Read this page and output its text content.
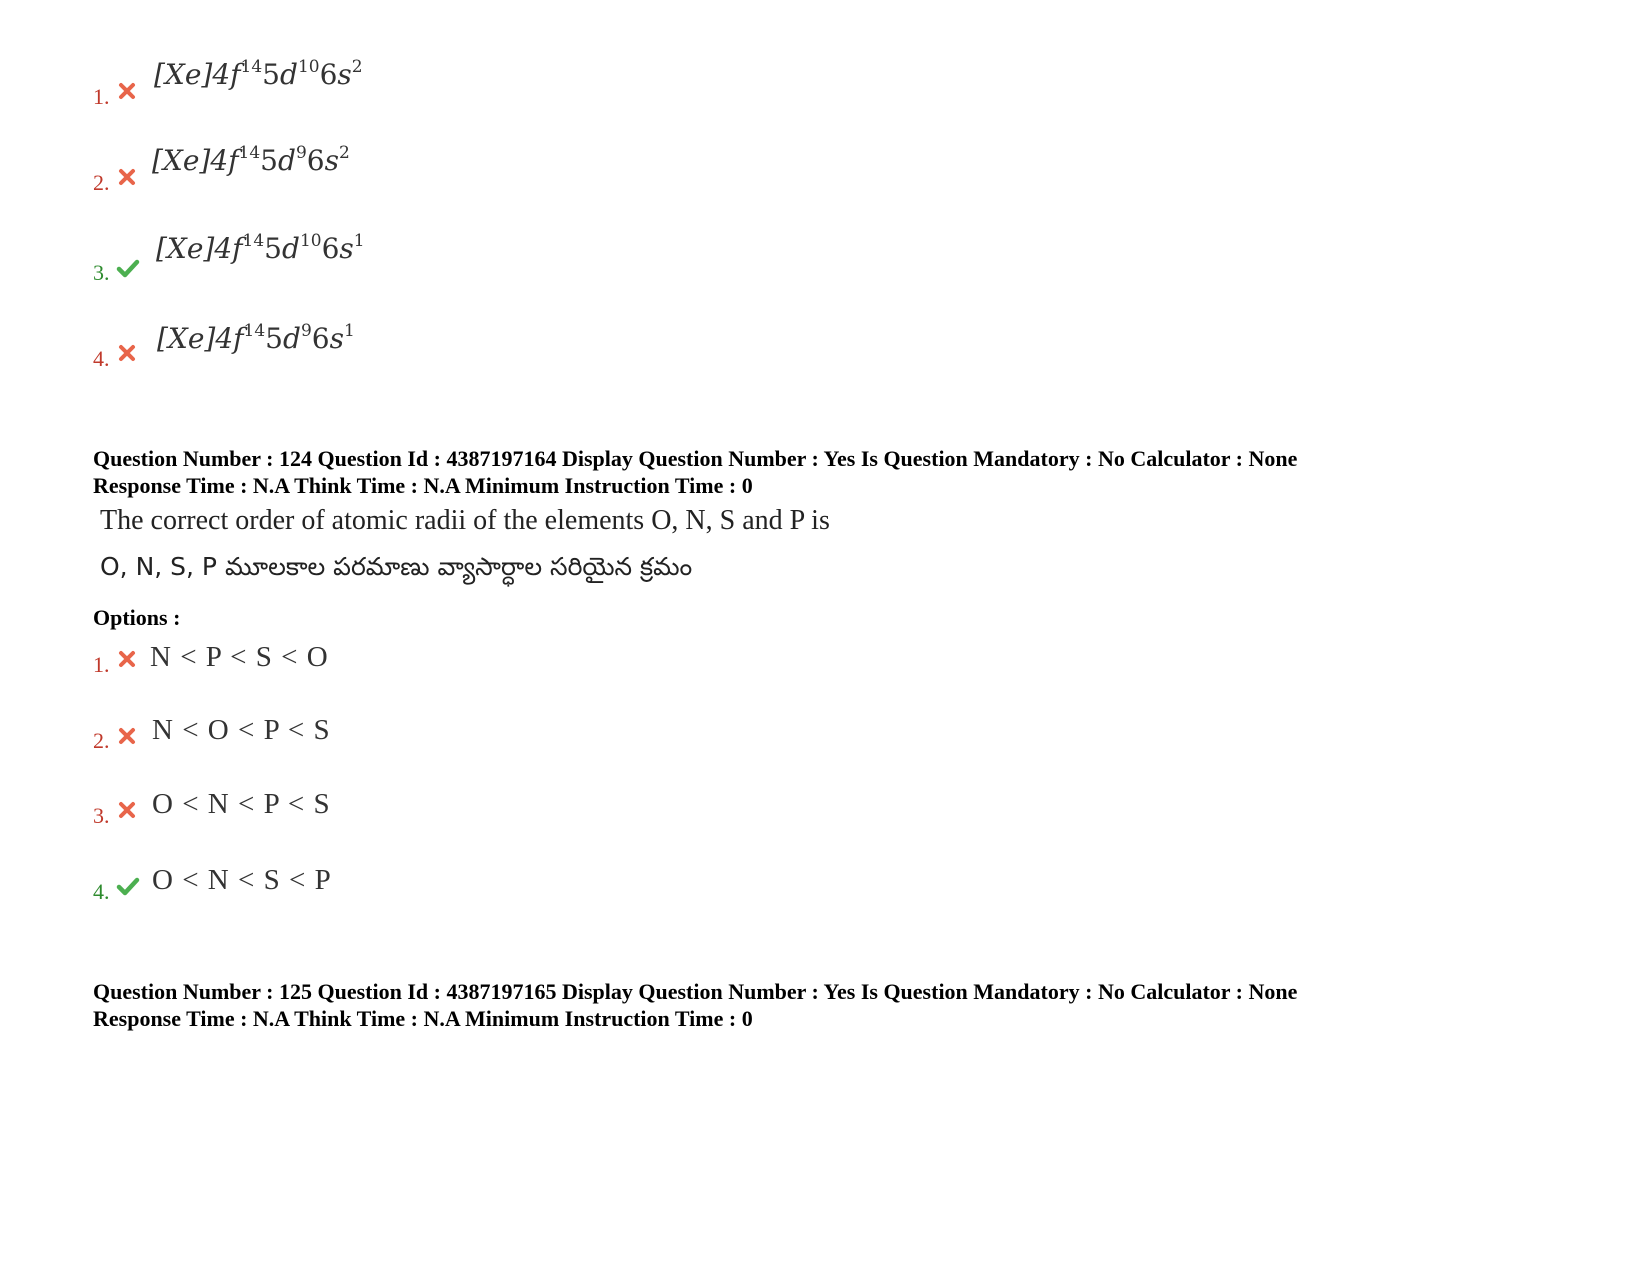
1.
$[Xe]4f^{14}5d^{10}6s^2$
2.
$[Xe]4f^{14}5d^96s^2$
3.
$[Xe]4f^{14}5d^{10}6s^1$
4.
$[Xe]4f^{14}5d^96s^1$
Question Number : 124 Question Id : 4387197164 Display Question Number : Yes Is Question Mandatory : No Calculator : None
Response Time : N.A Think Time : N.A Minimum Instruction Time : 0
The correct order of atomic radii of the elements O, N, S and P is
O, N, S, P మూలకాల పరమాణు వ్యాసార్ధాల సరియైన క్రమం
Options :
1. N < P < S < O
2. N < O < P < S
3. O < N < P < S
4. O < N < S < P
Question Number : 125 Question Id : 4387197165 Display Question Number : Yes Is Question Mandatory : No Calculator : None
Response Time : N.A Think Time : N.A Minimum Instruction Time : 0
